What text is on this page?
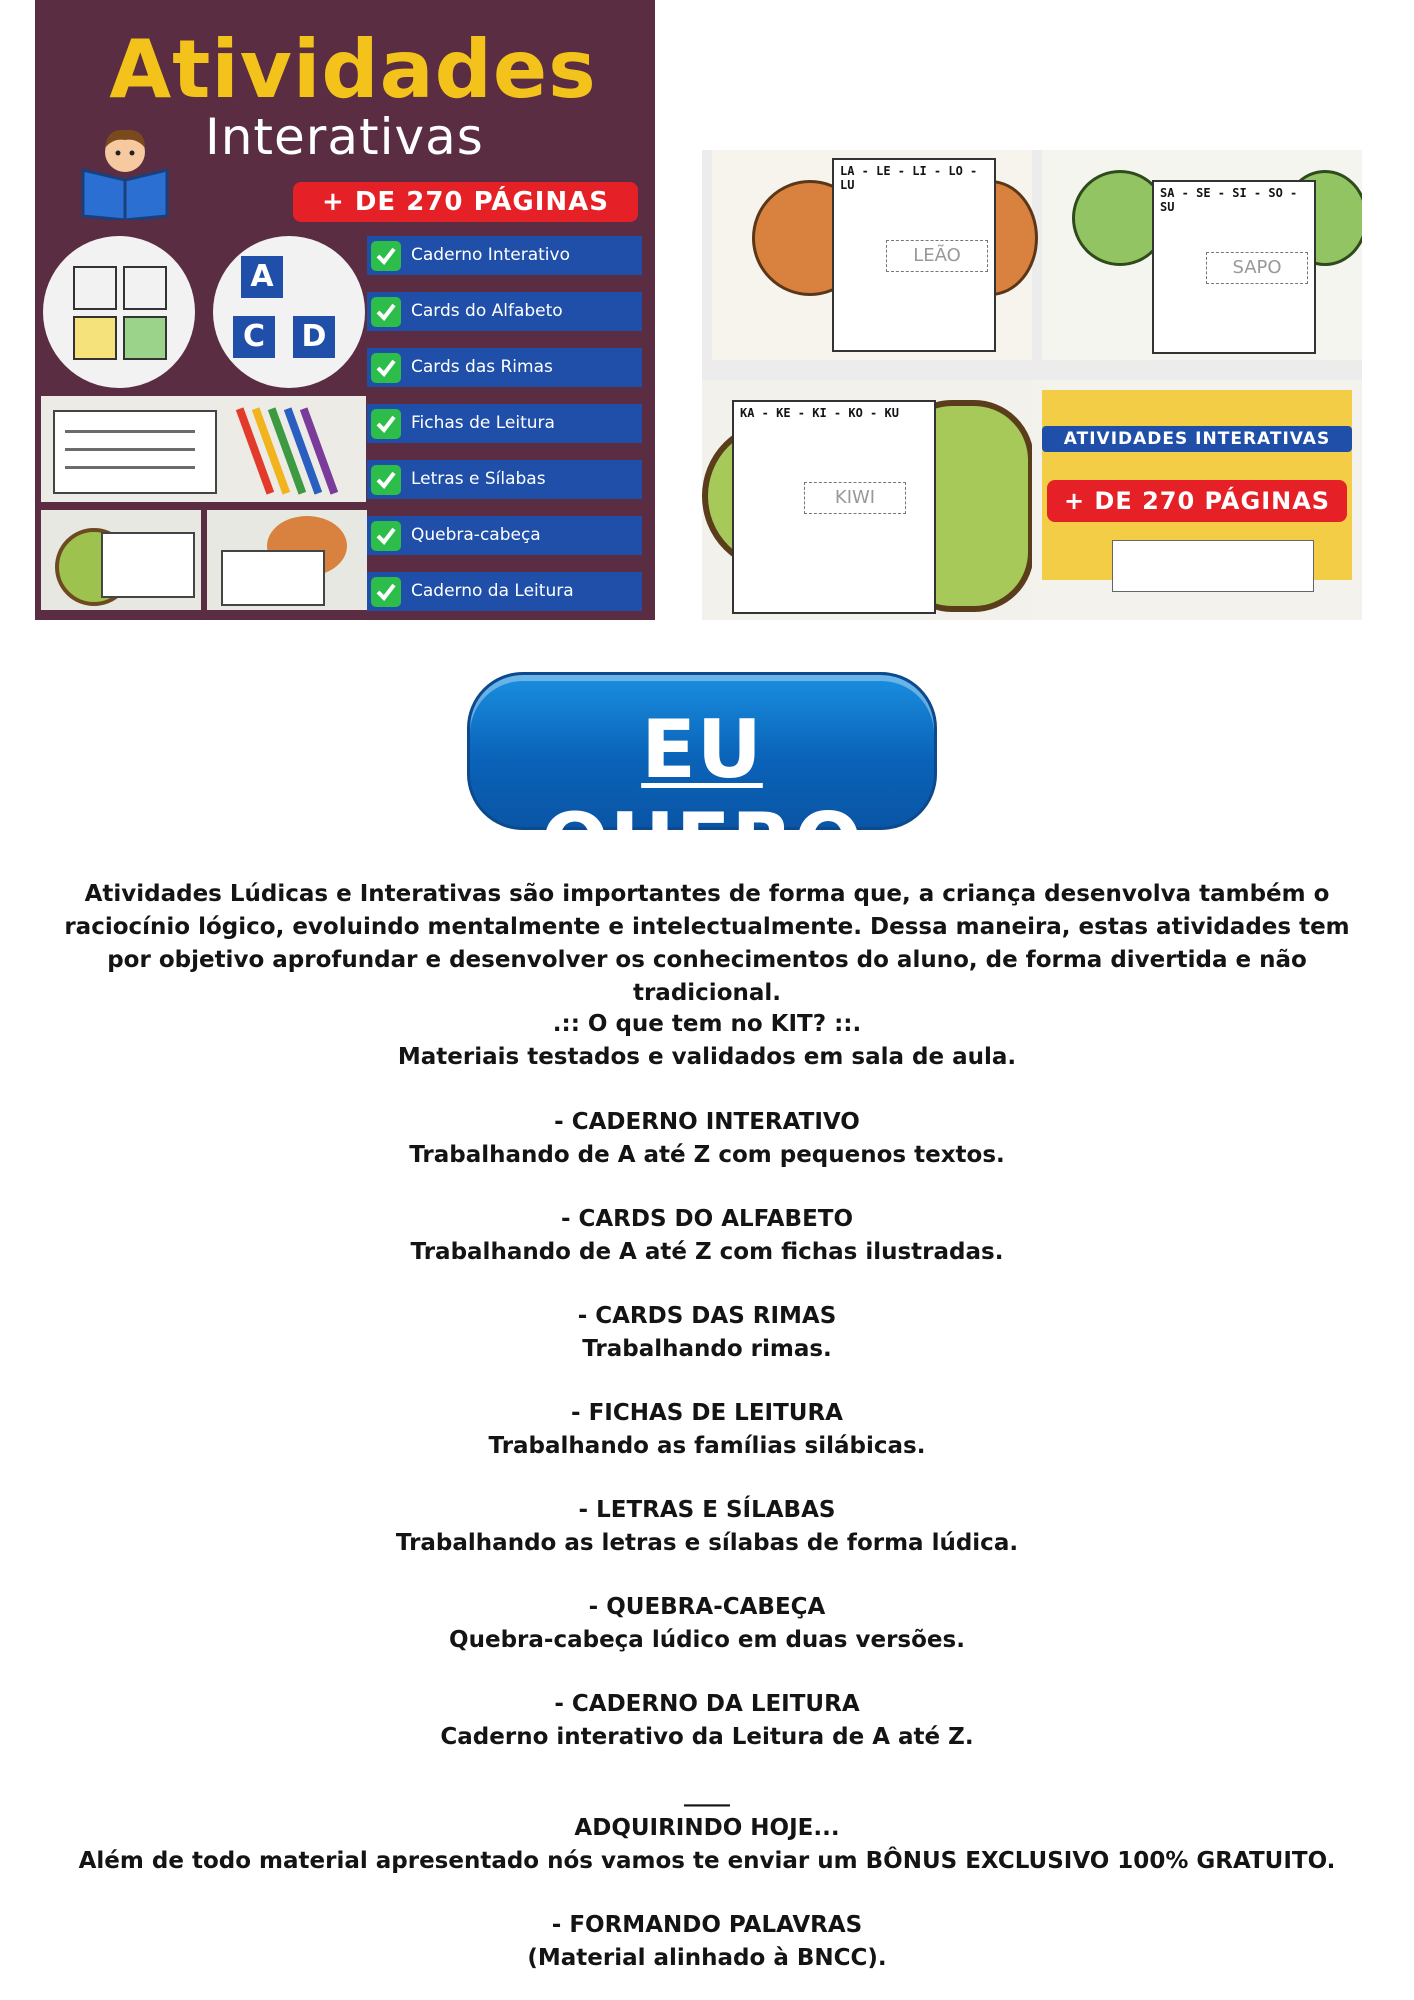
Atividades
Interativas
+ DE 270 PÁGINAS
A
C	D
Caderno Interativo
Cards do Alfabeto
Cards das Rimas
Fichas de Leitura
Letras e Sílabas
Quebra-cabeça
Caderno da Leitura
LA - LE - LI - LO - LU
LEÃO
SA - SE - SI - SO - SU
SAPO
KA - KE - KI - KO - KU
KIWI
ATIVIDADES INTERATIVAS
+ DE 270 PÁGINAS
EU QUERO
Atividades Lúdicas e Interativas são importantes de forma que, a criança desenvolva também o raciocínio lógico, evoluindo mentalmente e intelectualmente. Dessa maneira, estas atividades tem por objetivo aprofundar e desenvolver os conhecimentos do aluno, de forma divertida e não tradicional.
.:: O que tem no KIT? ::.
Materiais testados e validados em sala de aula.
- CADERNO INTERATIVO
Trabalhando de A até Z com pequenos textos.
- CARDS DO ALFABETO
Trabalhando de A até Z com fichas ilustradas.
- CARDS DAS RIMAS
Trabalhando rimas.
- FICHAS DE LEITURA
Trabalhando as famílias silábicas.
- LETRAS E SÍLABAS
Trabalhando as letras e sílabas de forma lúdica.
- QUEBRA-CABEÇA
Quebra-cabeça lúdico em duas versões.
- CADERNO DA LEITURA
Caderno interativo da Leitura de A até Z.
____
ADQUIRINDO HOJE...
Além de todo material apresentado nós vamos te enviar um BÔNUS EXCLUSIVO 100% GRATUITO.
- FORMANDO PALAVRAS
(Material alinhado à BNCC).
